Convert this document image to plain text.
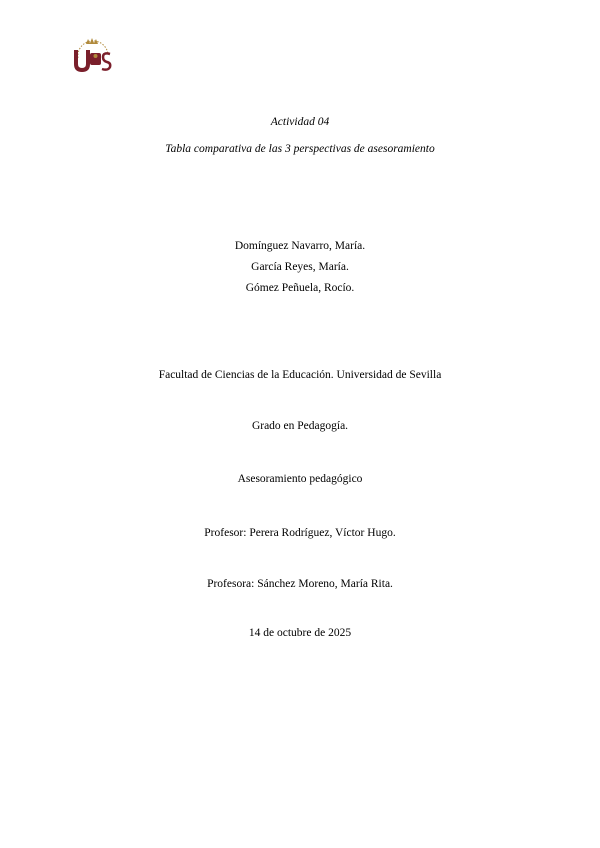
Actividad 04
Tabla comparativa de las 3 perspectivas de asesoramiento
Domínguez Navarro, María.
García Reyes, María.
Gómez Peñuela, Rocío.
Facultad de Ciencias de la Educación. Universidad de Sevilla
Grado en Pedagogía.
Asesoramiento pedagógico
Profesor: Perera Rodríguez, Víctor Hugo.
Profesora: Sánchez Moreno, María Rita.
14 de octubre de 2025
